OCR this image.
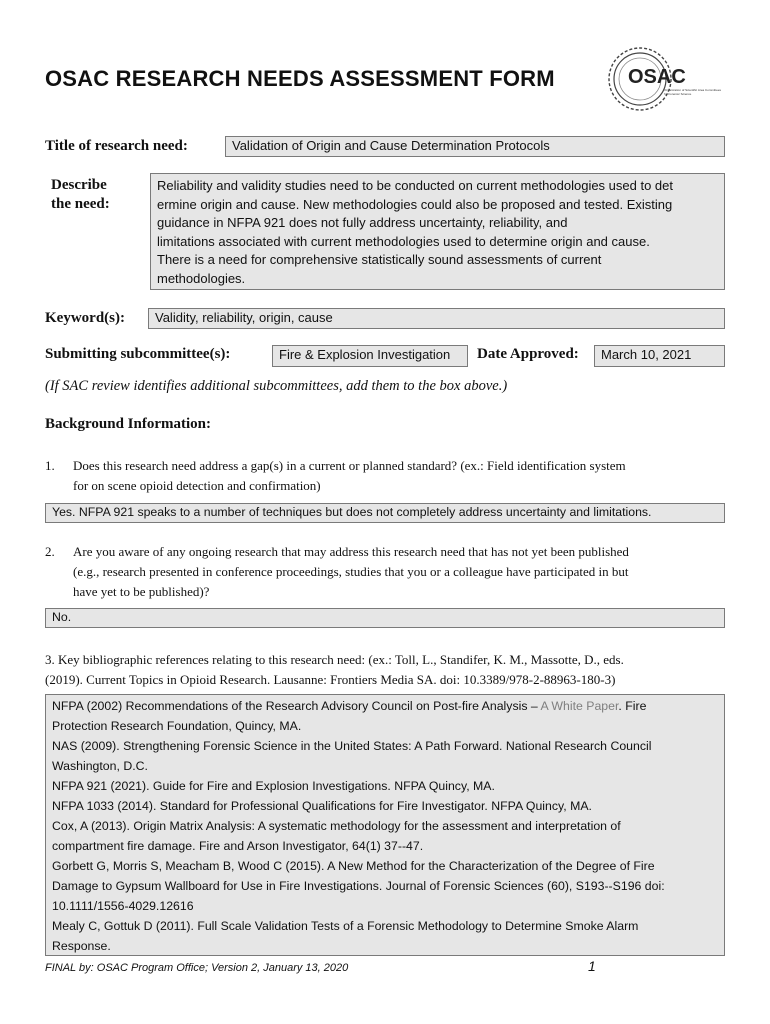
OSAC RESEARCH NEEDS ASSESSMENT FORM	OSAC
Organization of Scientific Area Committees for Forensic Science
Title of research need:	Validation of Origin and Cause Determination Protocols
Describe
the need:
Reliability and validity studies need to be conducted on current methodologies used to det
ermine origin and cause. New methodologies could also be proposed and tested. Existing
guidance in NFPA 921 does not fully address uncertainty, reliability, and
limitations associated with current methodologies used to determine origin and cause.
There is a need for comprehensive statistically sound assessments of current
methodologies.
Keyword(s):	Validity, reliability, origin, cause
Submitting subcommittee(s):	Fire & Explosion Investigation	Date Approved:	March 10, 2021
(If SAC review identifies additional subcommittees, add them to the box above.)
Background Information:
1. Does this research need address a gap(s) in a current or planned standard? (ex.: Field identification system
for on scene opioid detection and confirmation)
Yes. NFPA 921 speaks to a number of techniques but does not completely address uncertainty and limitations.
2. Are you aware of any ongoing research that may address this research need that has not yet been published
(e.g., research presented in conference proceedings, studies that you or a colleague have participated in but
have yet to be published)?
No.
3. Key bibliographic references relating to this research need: (ex.: Toll, L., Standifer, K. M., Massotte, D., eds.
(2019). Current Topics in Opioid Research. Lausanne: Frontiers Media SA. doi: 10.3389/978-2-88963-180-3)
NFPA (2002) Recommendations of the Research Advisory Council on Post-fire Analysis – A White Paper. Fire
Protection Research Foundation, Quincy, MA.
NAS (2009). Strengthening Forensic Science in the United States: A Path Forward. National Research Council
Washington, D.C.
NFPA 921 (2021). Guide for Fire and Explosion Investigations. NFPA Quincy, MA.
NFPA 1033 (2014). Standard for Professional Qualifications for Fire Investigator. NFPA Quincy, MA.
Cox, A (2013). Origin Matrix Analysis: A systematic methodology for the assessment and interpretation of
compartment fire damage. Fire and Arson Investigator, 64(1) 37--47.
Gorbett G, Morris S, Meacham B, Wood C (2015). A New Method for the Characterization of the Degree of Fire
Damage to Gypsum Wallboard for Use in Fire Investigations. Journal of Forensic Sciences (60), S193--S196 doi:
10.1111/1556-4029.12616
Mealy C, Gottuk D (2011). Full Scale Validation Tests of a Forensic Methodology to Determine Smoke Alarm
Response.
FINAL by: OSAC Program Office; Version 2, January 13, 2020	1
